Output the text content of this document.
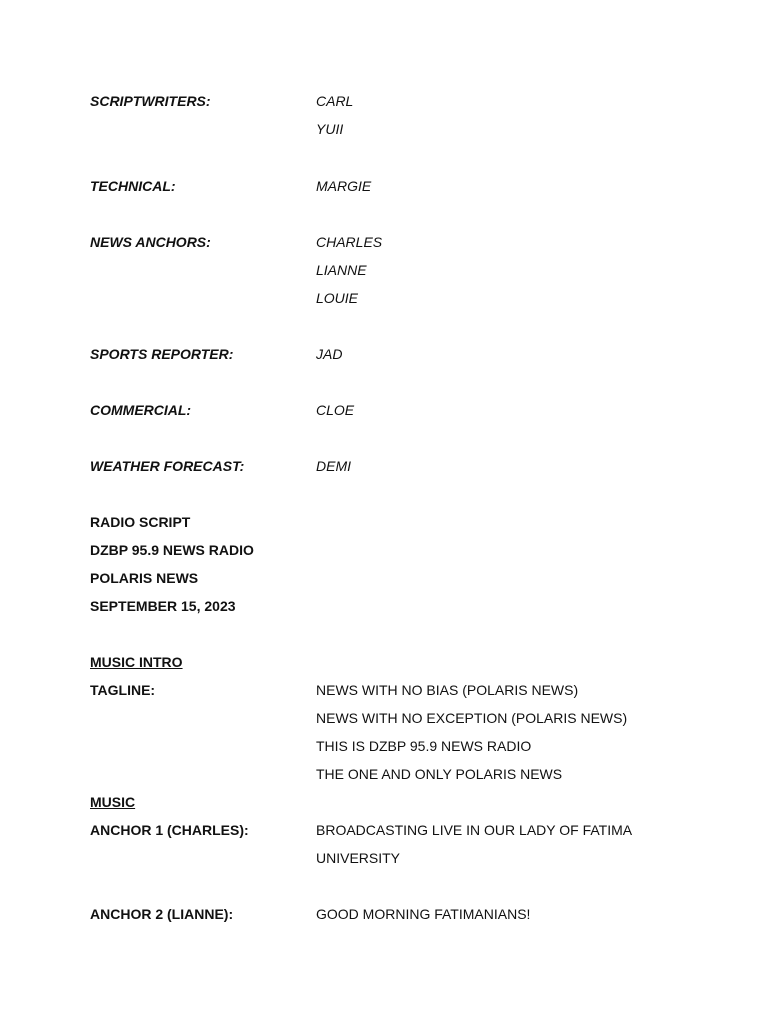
SCRIPTWRITERS:	CARL
YUII
TECHNICAL:	MARGIE
NEWS ANCHORS:	CHARLES
LIANNE
LOUIE
SPORTS REPORTER:	JAD
COMMERCIAL:	CLOE
WEATHER FORECAST:	DEMI
RADIO SCRIPT
DZBP 95.9 NEWS RADIO
POLARIS NEWS
SEPTEMBER 15, 2023
MUSIC INTRO
TAGLINE:	NEWS WITH NO BIAS (POLARIS NEWS)
NEWS WITH NO EXCEPTION (POLARIS NEWS)
THIS IS DZBP 95.9 NEWS RADIO
THE ONE AND ONLY POLARIS NEWS
MUSIC
ANCHOR 1 (CHARLES):	BROADCASTING LIVE IN OUR LADY OF FATIMA
UNIVERSITY
ANCHOR 2 (LIANNE):	GOOD MORNING FATIMANIANS!
